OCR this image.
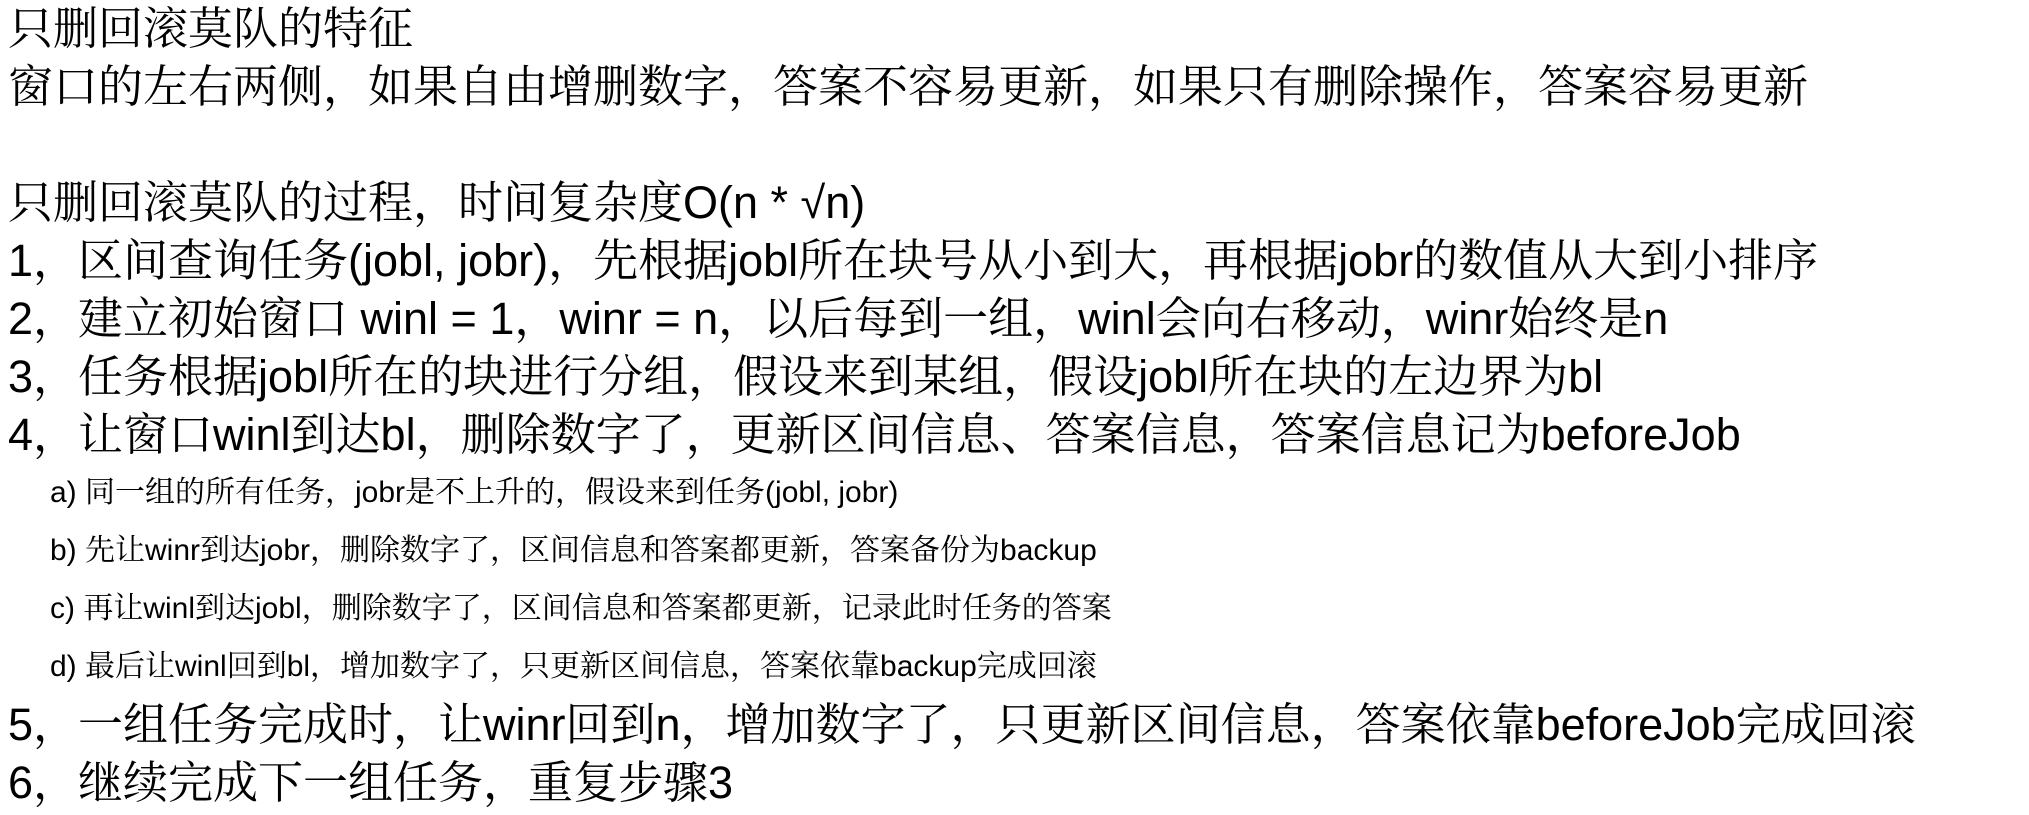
只删回滚莫队的特征
窗口的左右两侧，如果自由增删数字，答案不容易更新，如果只有删除操作，答案容易更新
只删回滚莫队的过程，时间复杂度O(n * √n)
1，区间查询任务(jobl, jobr)，先根据jobl所在块号从小到大，再根据jobr的数值从大到小排序
2，建立初始窗口 winl = 1，winr = n，以后每到一组，winl会向右移动，winr始终是n
3，任务根据jobl所在的块进行分组，假设来到某组，假设jobl所在块的左边界为bl
4，让窗口winl到达bl，删除数字了，更新区间信息、答案信息，答案信息记为beforeJob
a) 同一组的所有任务，jobr是不上升的，假设来到任务(jobl, jobr)
b) 先让winr到达jobr，删除数字了，区间信息和答案都更新，答案备份为backup
c) 再让winl到达jobl，删除数字了，区间信息和答案都更新，记录此时任务的答案
d) 最后让winl回到bl，增加数字了，只更新区间信息，答案依靠backup完成回滚
5，一组任务完成时，让winr回到n，增加数字了，只更新区间信息，答案依靠beforeJob完成回滚
6，继续完成下一组任务，重复步骤3
